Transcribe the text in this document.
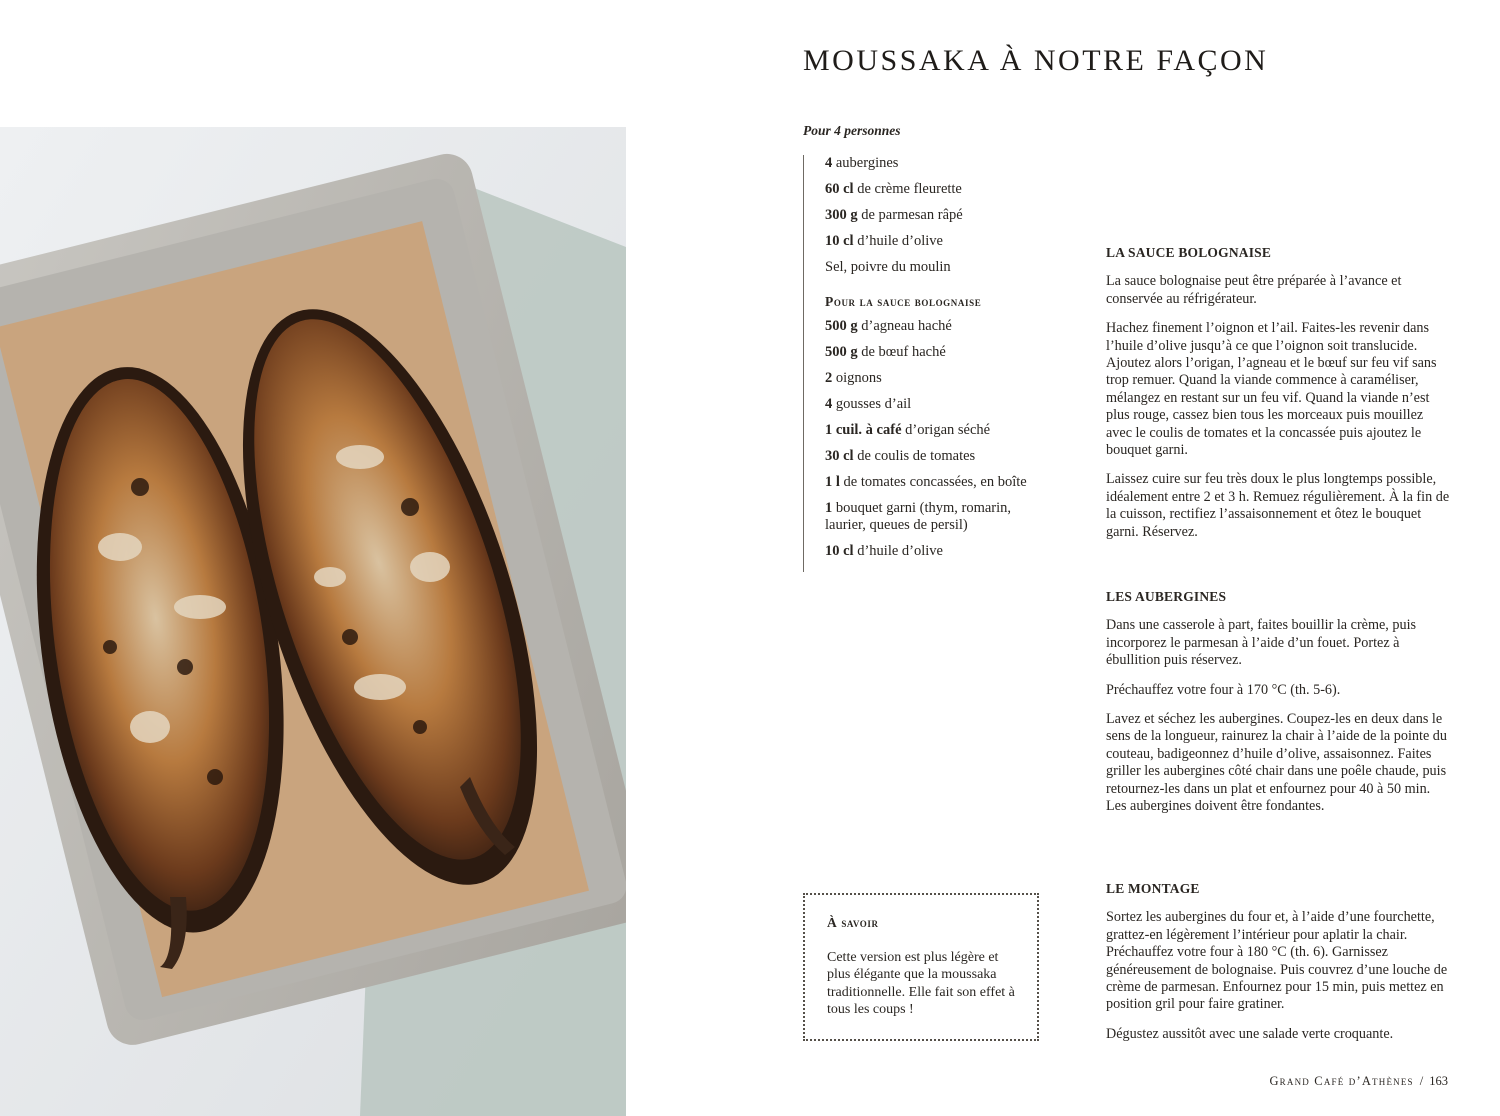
MOUSSAKA À NOTRE FAÇON
Pour 4 personnes
4 aubergines
60 cl de crème fleurette
300 g de parmesan râpé
10 cl d’huile d’olive
Sel, poivre du moulin
Pour la sauce bolognaise
500 g d’agneau haché
500 g de bœuf haché
2 oignons
4 gousses d’ail
1 cuil. à café d’origan séché
30 cl de coulis de tomates
1 l de tomates concassées, en boîte
1 bouquet garni (thym, romarin, laurier, queues de persil)
10 cl d’huile d’olive
LA SAUCE BOLOGNAISE

La sauce bolognaise peut être préparée à l’avance et conservée au réfrigérateur.

Hachez finement l’oignon et l’ail. Faites-les revenir dans l’huile d’olive jusqu’à ce que l’oignon soit translucide. Ajoutez alors l’origan, l’agneau et le bœuf sur feu vif sans trop remuer. Quand la viande commence à caraméliser, mélangez en restant sur un feu vif. Quand la viande n’est plus rouge, cassez bien tous les morceaux puis mouillez avec le coulis de tomates et la concassée puis ajoutez le bouquet garni.

Laissez cuire sur feu très doux le plus longtemps possible, idéalement entre 2 et 3 h. Remuez régulièrement. À la fin de la cuisson, rectifiez l’assaisonnement et ôtez le bouquet garni. Réservez.

LES AUBERGINES

Dans une casserole à part, faites bouillir la crème, puis incorporez le parmesan à l’aide d’un fouet. Portez à ébullition puis réservez.

Préchauffez votre four à 170 °C (th. 5-6).

Lavez et séchez les aubergines. Coupez-les en deux dans le sens de la longueur, rainurez la chair à l’aide de la pointe du couteau, badigeonnez d’huile d’olive, assaisonnez. Faites griller les aubergines côté chair dans une poêle chaude, puis retournez-les dans un plat et enfournez pour 40 à 50 min. Les aubergines doivent être fondantes.

LE MONTAGE

Sortez les aubergines du four et, à l’aide d’une fourchette, grattez-en légèrement l’intérieur pour aplatir la chair. Préchauffez votre four à 180 °C (th. 6). Garnissez généreusement de bolognaise. Puis couvrez d’une louche de crème de parmesan. Enfournez pour 15 min, puis mettez en position gril pour faire gratiner.

Dégustez aussitôt avec une salade verte croquante.

À savoir
Cette version est plus légère et plus élégante que la moussaka traditionnelle. Elle fait son effet à tous les coups !
Grand Café d’Athènes / 163
